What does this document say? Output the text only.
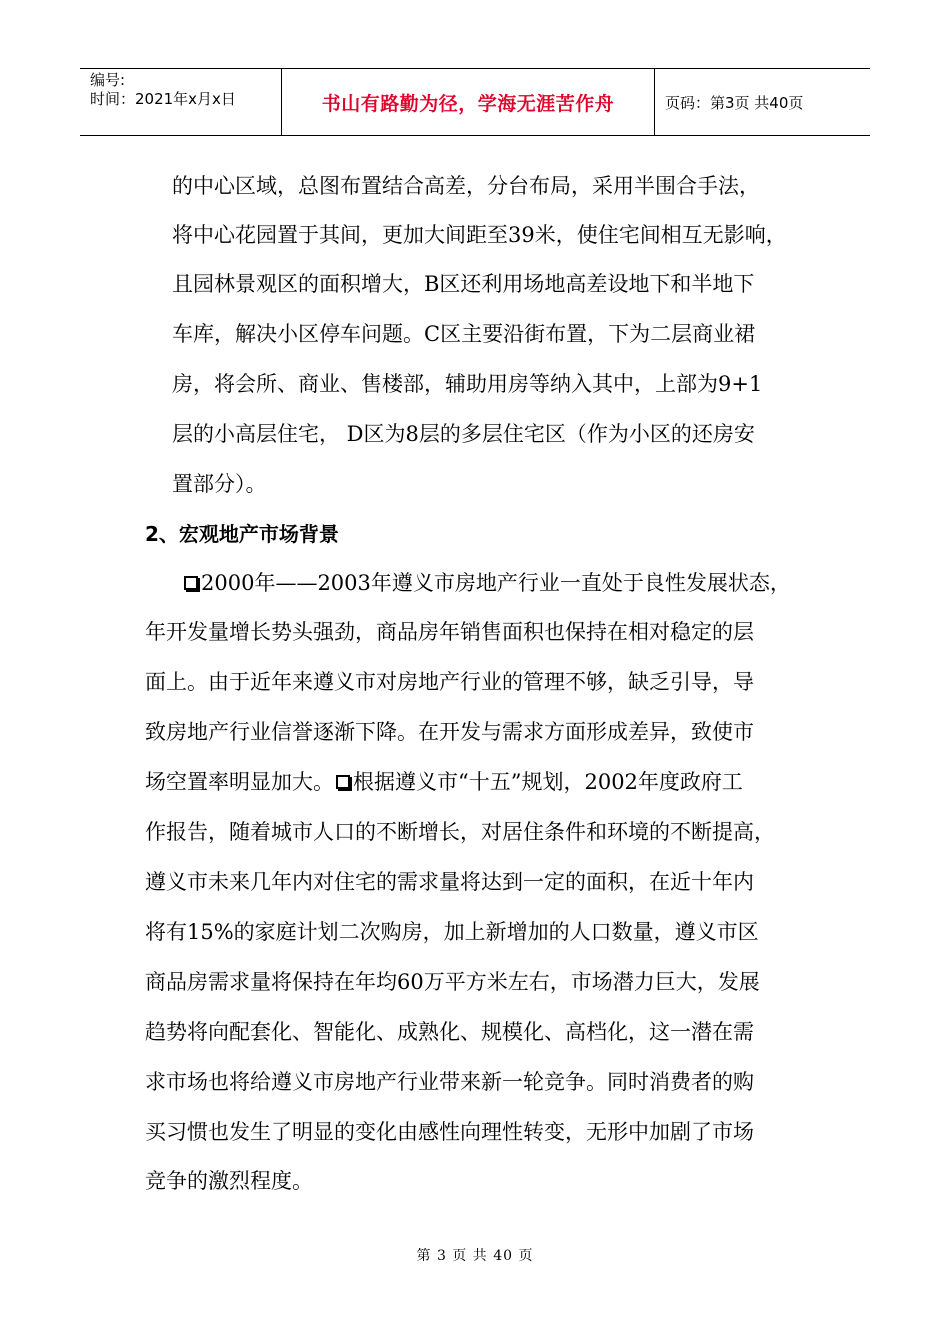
编号:
时间：2021年x月x日	书山有路勤为径，学海无涯苦作舟	页码：第3页 共40页
的中心区域，总图布置结合高差，分台布局，采用半围合手法，
将中心花园置于其间，更加大间距至39米，使住宅间相互无影响，
且园林景观区的面积增大，B区还利用场地高差设地下和半地下
车库，解决小区停车问题。C区主要沿街布置，下为二层商业裙
房，将会所、商业、售楼部，辅助用房等纳入其中，上部为9+1
层的小高层住宅， D区为8层的多层住宅区（作为小区的还房安
置部分）。
2、宏观地产市场背景
2000年——2003年遵义市房地产行业一直处于良性发展状态，
年开发量增长势头强劲，商品房年销售面积也保持在相对稳定的层
面上。由于近年来遵义市对房地产行业的管理不够，缺乏引导，导
致房地产行业信誉逐渐下降。在开发与需求方面形成差异，致使市
场空置率明显加大。 根据遵义市“十五”规划，2002年度政府工
作报告，随着城市人口的不断增长，对居住条件和环境的不断提高，
遵义市未来几年内对住宅的需求量将达到一定的面积，在近十年内
将有15%的家庭计划二次购房，加上新增加的人口数量，遵义市区
商品房需求量将保持在年均60万平方米左右，市场潜力巨大，发展
趋势将向配套化、智能化、成熟化、规模化、高档化，这一潜在需
求市场也将给遵义市房地产行业带来新一轮竞争。同时消费者的购
买习惯也发生了明显的变化由感性向理性转变，无形中加剧了市场
竞争的激烈程度。
第 3 页 共 40 页
